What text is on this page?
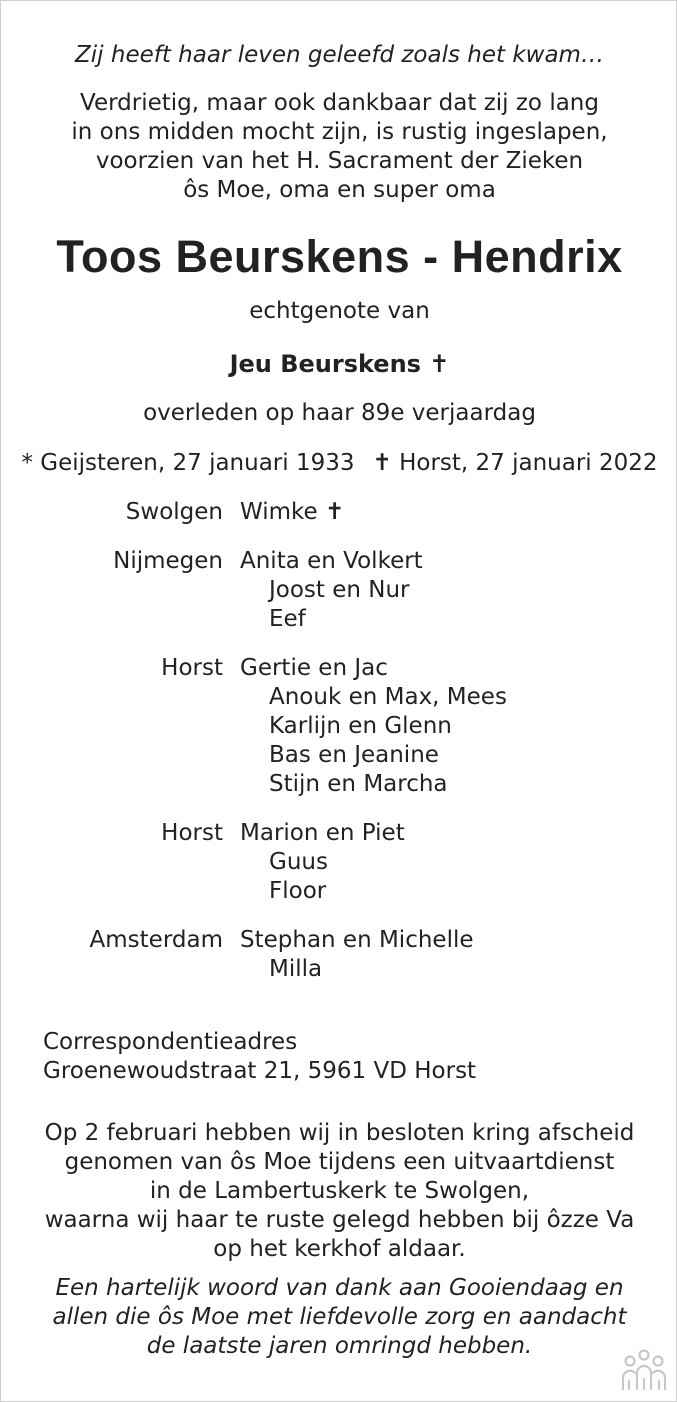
Zij heeft haar leven geleefd zoals het kwam…
Verdrietig, maar ook dankbaar dat zij zo lang
in ons midden mocht zijn, is rustig ingeslapen,
voorzien van het H. Sacrament der Zieken
ôs Moe, oma en super oma
Toos Beurskens - Hendrix
echtgenote van
Jeu Beurskens ✝
overleden op haar 89e verjaardag
* Geijsteren, 27 januari 1933 ✝ Horst, 27 januari 2022
Swolgen Wimke ✝
Nijmegen Anita en Volkert
Joost en Nur
Eef
Horst Gertie en Jac
Anouk en Max, Mees
Karlijn en Glenn
Bas en Jeanine
Stijn en Marcha
Horst Marion en Piet
Guus
Floor
Amsterdam Stephan en Michelle
Milla
Correspondentieadres
Groenewoudstraat 21, 5961 VD Horst
Op 2 februari hebben wij in besloten kring afscheid
genomen van ôs Moe tijdens een uitvaartdienst
in de Lambertuskerk te Swolgen,
waarna wij haar te ruste gelegd hebben bij ôzze Va
op het kerkhof aldaar.
Een hartelijk woord van dank aan Gooiendaag en
allen die ôs Moe met liefdevolle zorg en aandacht
de laatste jaren omringd hebben.
